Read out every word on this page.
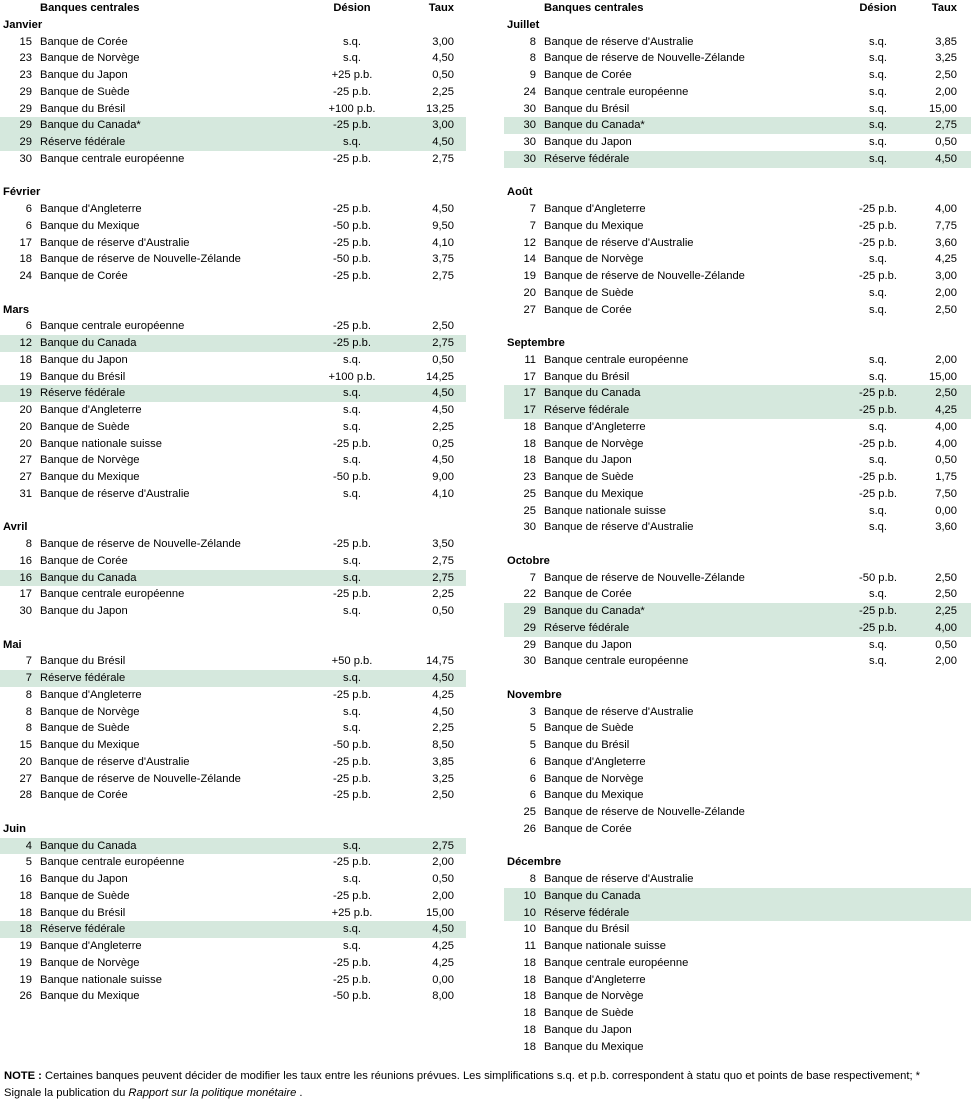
Banques centrales	Désion	Taux
Janvier
15 Banque de Corée	s.q.	3,00
23 Banque de Norvège	s.q.	4,50
23 Banque du Japon	+25 p.b.	0,50
29 Banque de Suède	-25 p.b.	2,25
29 Banque du Brésil	+100 p.b.	13,25
29 Banque du Canada*	-25 p.b.	3,00
29 Réserve fédérale	s.q.	4,50
30 Banque centrale européenne	-25 p.b.	2,75
Février
6 Banque d'Angleterre	-25 p.b.	4,50
6 Banque du Mexique	-50 p.b.	9,50
17 Banque de réserve d'Australie	-25 p.b.	4,10
18 Banque de réserve de Nouvelle-Zélande	-50 p.b.	3,75
24 Banque de Corée	-25 p.b.	2,75
Mars
6 Banque centrale européenne	-25 p.b.	2,50
12 Banque du Canada	-25 p.b.	2,75
18 Banque du Japon	s.q.	0,50
19 Banque du Brésil	+100 p.b.	14,25
19 Réserve fédérale	s.q.	4,50
20 Banque d'Angleterre	s.q.	4,50
20 Banque de Suède	s.q.	2,25
20 Banque nationale suisse	-25 p.b.	0,25
27 Banque de Norvège	s.q.	4,50
27 Banque du Mexique	-50 p.b.	9,00
31 Banque de réserve d'Australie	s.q.	4,10
Avril
8 Banque de réserve de Nouvelle-Zélande	-25 p.b.	3,50
16 Banque de Corée	s.q.	2,75
16 Banque du Canada	s.q.	2,75
17 Banque centrale européenne	-25 p.b.	2,25
30 Banque du Japon	s.q.	0,50
Mai
7 Banque du Brésil	+50 p.b.	14,75
7 Réserve fédérale	s.q.	4,50
8 Banque d'Angleterre	-25 p.b.	4,25
8 Banque de Norvège	s.q.	4,50
8 Banque de Suède	s.q.	2,25
15 Banque du Mexique	-50 p.b.	8,50
20 Banque de réserve d'Australie	-25 p.b.	3,85
27 Banque de réserve de Nouvelle-Zélande	-25 p.b.	3,25
28 Banque de Corée	-25 p.b.	2,50
Juin
4 Banque du Canada	s.q.	2,75
5 Banque centrale européenne	-25 p.b.	2,00
16 Banque du Japon	s.q.	0,50
18 Banque de Suède	-25 p.b.	2,00
18 Banque du Brésil	+25 p.b.	15,00
18 Réserve fédérale	s.q.	4,50
19 Banque d'Angleterre	s.q.	4,25
19 Banque de Norvège	-25 p.b.	4,25
19 Banque nationale suisse	-25 p.b.	0,00
26 Banque du Mexique	-50 p.b.	8,00
Banques centrales	Désion	Taux
Juillet
8 Banque de réserve d'Australie	s.q.	3,85
8 Banque de réserve de Nouvelle-Zélande	s.q.	3,25
9 Banque de Corée	s.q.	2,50
24 Banque centrale européenne	s.q.	2,00
30 Banque du Brésil	s.q.	15,00
30 Banque du Canada*	s.q.	2,75
30 Banque du Japon	s.q.	0,50
30 Réserve fédérale	s.q.	4,50
Août
7 Banque d'Angleterre	-25 p.b.	4,00
7 Banque du Mexique	-25 p.b.	7,75
12 Banque de réserve d'Australie	-25 p.b.	3,60
14 Banque de Norvège	s.q.	4,25
19 Banque de réserve de Nouvelle-Zélande	-25 p.b.	3,00
20 Banque de Suède	s.q.	2,00
27 Banque de Corée	s.q.	2,50
Septembre
11 Banque centrale européenne	s.q.	2,00
17 Banque du Brésil	s.q.	15,00
17 Banque du Canada	-25 p.b.	2,50
17 Réserve fédérale	-25 p.b.	4,25
18 Banque d'Angleterre	s.q.	4,00
18 Banque de Norvège	-25 p.b.	4,00
18 Banque du Japon	s.q.	0,50
23 Banque de Suède	-25 p.b.	1,75
25 Banque du Mexique	-25 p.b.	7,50
25 Banque nationale suisse	s.q.	0,00
30 Banque de réserve d'Australie	s.q.	3,60
Octobre
7 Banque de réserve de Nouvelle-Zélande	-50 p.b.	2,50
22 Banque de Corée	s.q.	2,50
29 Banque du Canada*	-25 p.b.	2,25
29 Réserve fédérale	-25 p.b.	4,00
29 Banque du Japon	s.q.	0,50
30 Banque centrale européenne	s.q.	2,00
Novembre
3 Banque de réserve d'Australie
5 Banque de Suède
5 Banque du Brésil
6 Banque d'Angleterre
6 Banque de Norvège
6 Banque du Mexique
25 Banque de réserve de Nouvelle-Zélande
26 Banque de Corée
Décembre
8 Banque de réserve d'Australie
10 Banque du Canada
10 Réserve fédérale
10 Banque du Brésil
11 Banque nationale suisse
18 Banque centrale européenne
18 Banque d'Angleterre
18 Banque de Norvège
18 Banque de Suède
18 Banque du Japon
18 Banque du Mexique
NOTE : Certaines banques peuvent décider de modifier les taux entre les réunions prévues. Les simplifications s.q. et p.b. correspondent à statu quo et points de base respectivement; * Signale la publication du Rapport sur la politique monétaire .
